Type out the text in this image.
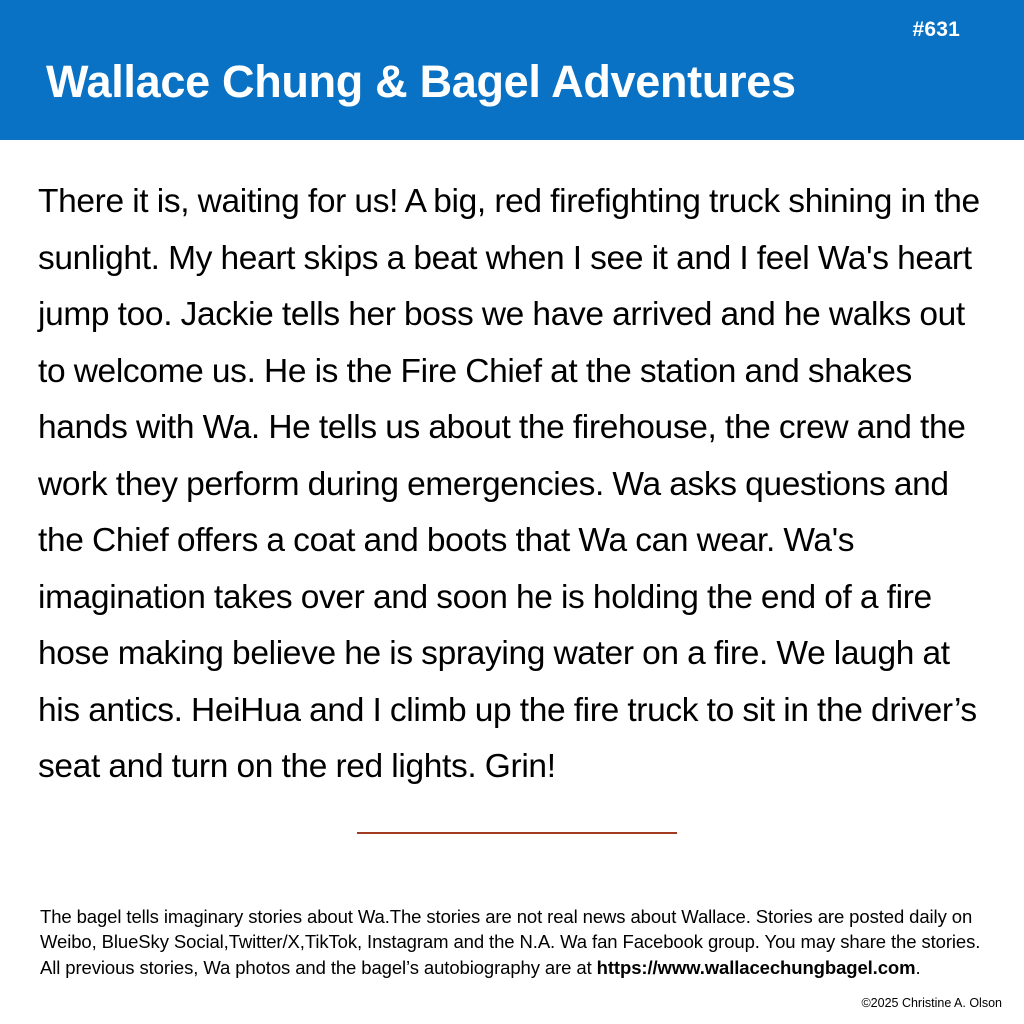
#631
Wallace Chung & Bagel Adventures
There it is, waiting for us! A big, red firefighting truck shining in the sunlight. My heart skips a beat when I see it and I feel Wa's heart jump too. Jackie tells her boss we have arrived and he walks out to welcome us. He is the Fire Chief at the station and shakes hands with Wa. He tells us about the firehouse, the crew and the work they perform during emergencies. Wa asks questions and the Chief offers a coat and boots that Wa can wear. Wa's imagination takes over and soon he is holding the end of a fire hose making believe he is spraying water on a fire. We laugh at his antics. HeiHua and I climb up the fire truck to sit in the driver’s seat and turn on the red lights. Grin!
The bagel tells imaginary stories about Wa.The stories are not real news about Wallace. Stories are posted daily on Weibo, BlueSky Social,Twitter/X,TikTok, Instagram and the N.A. Wa fan Facebook group. You may share the stories. All previous stories, Wa photos and the bagel’s autobiography are at https://www.wallacechungbagel.com.
©2025 Christine A. Olson
